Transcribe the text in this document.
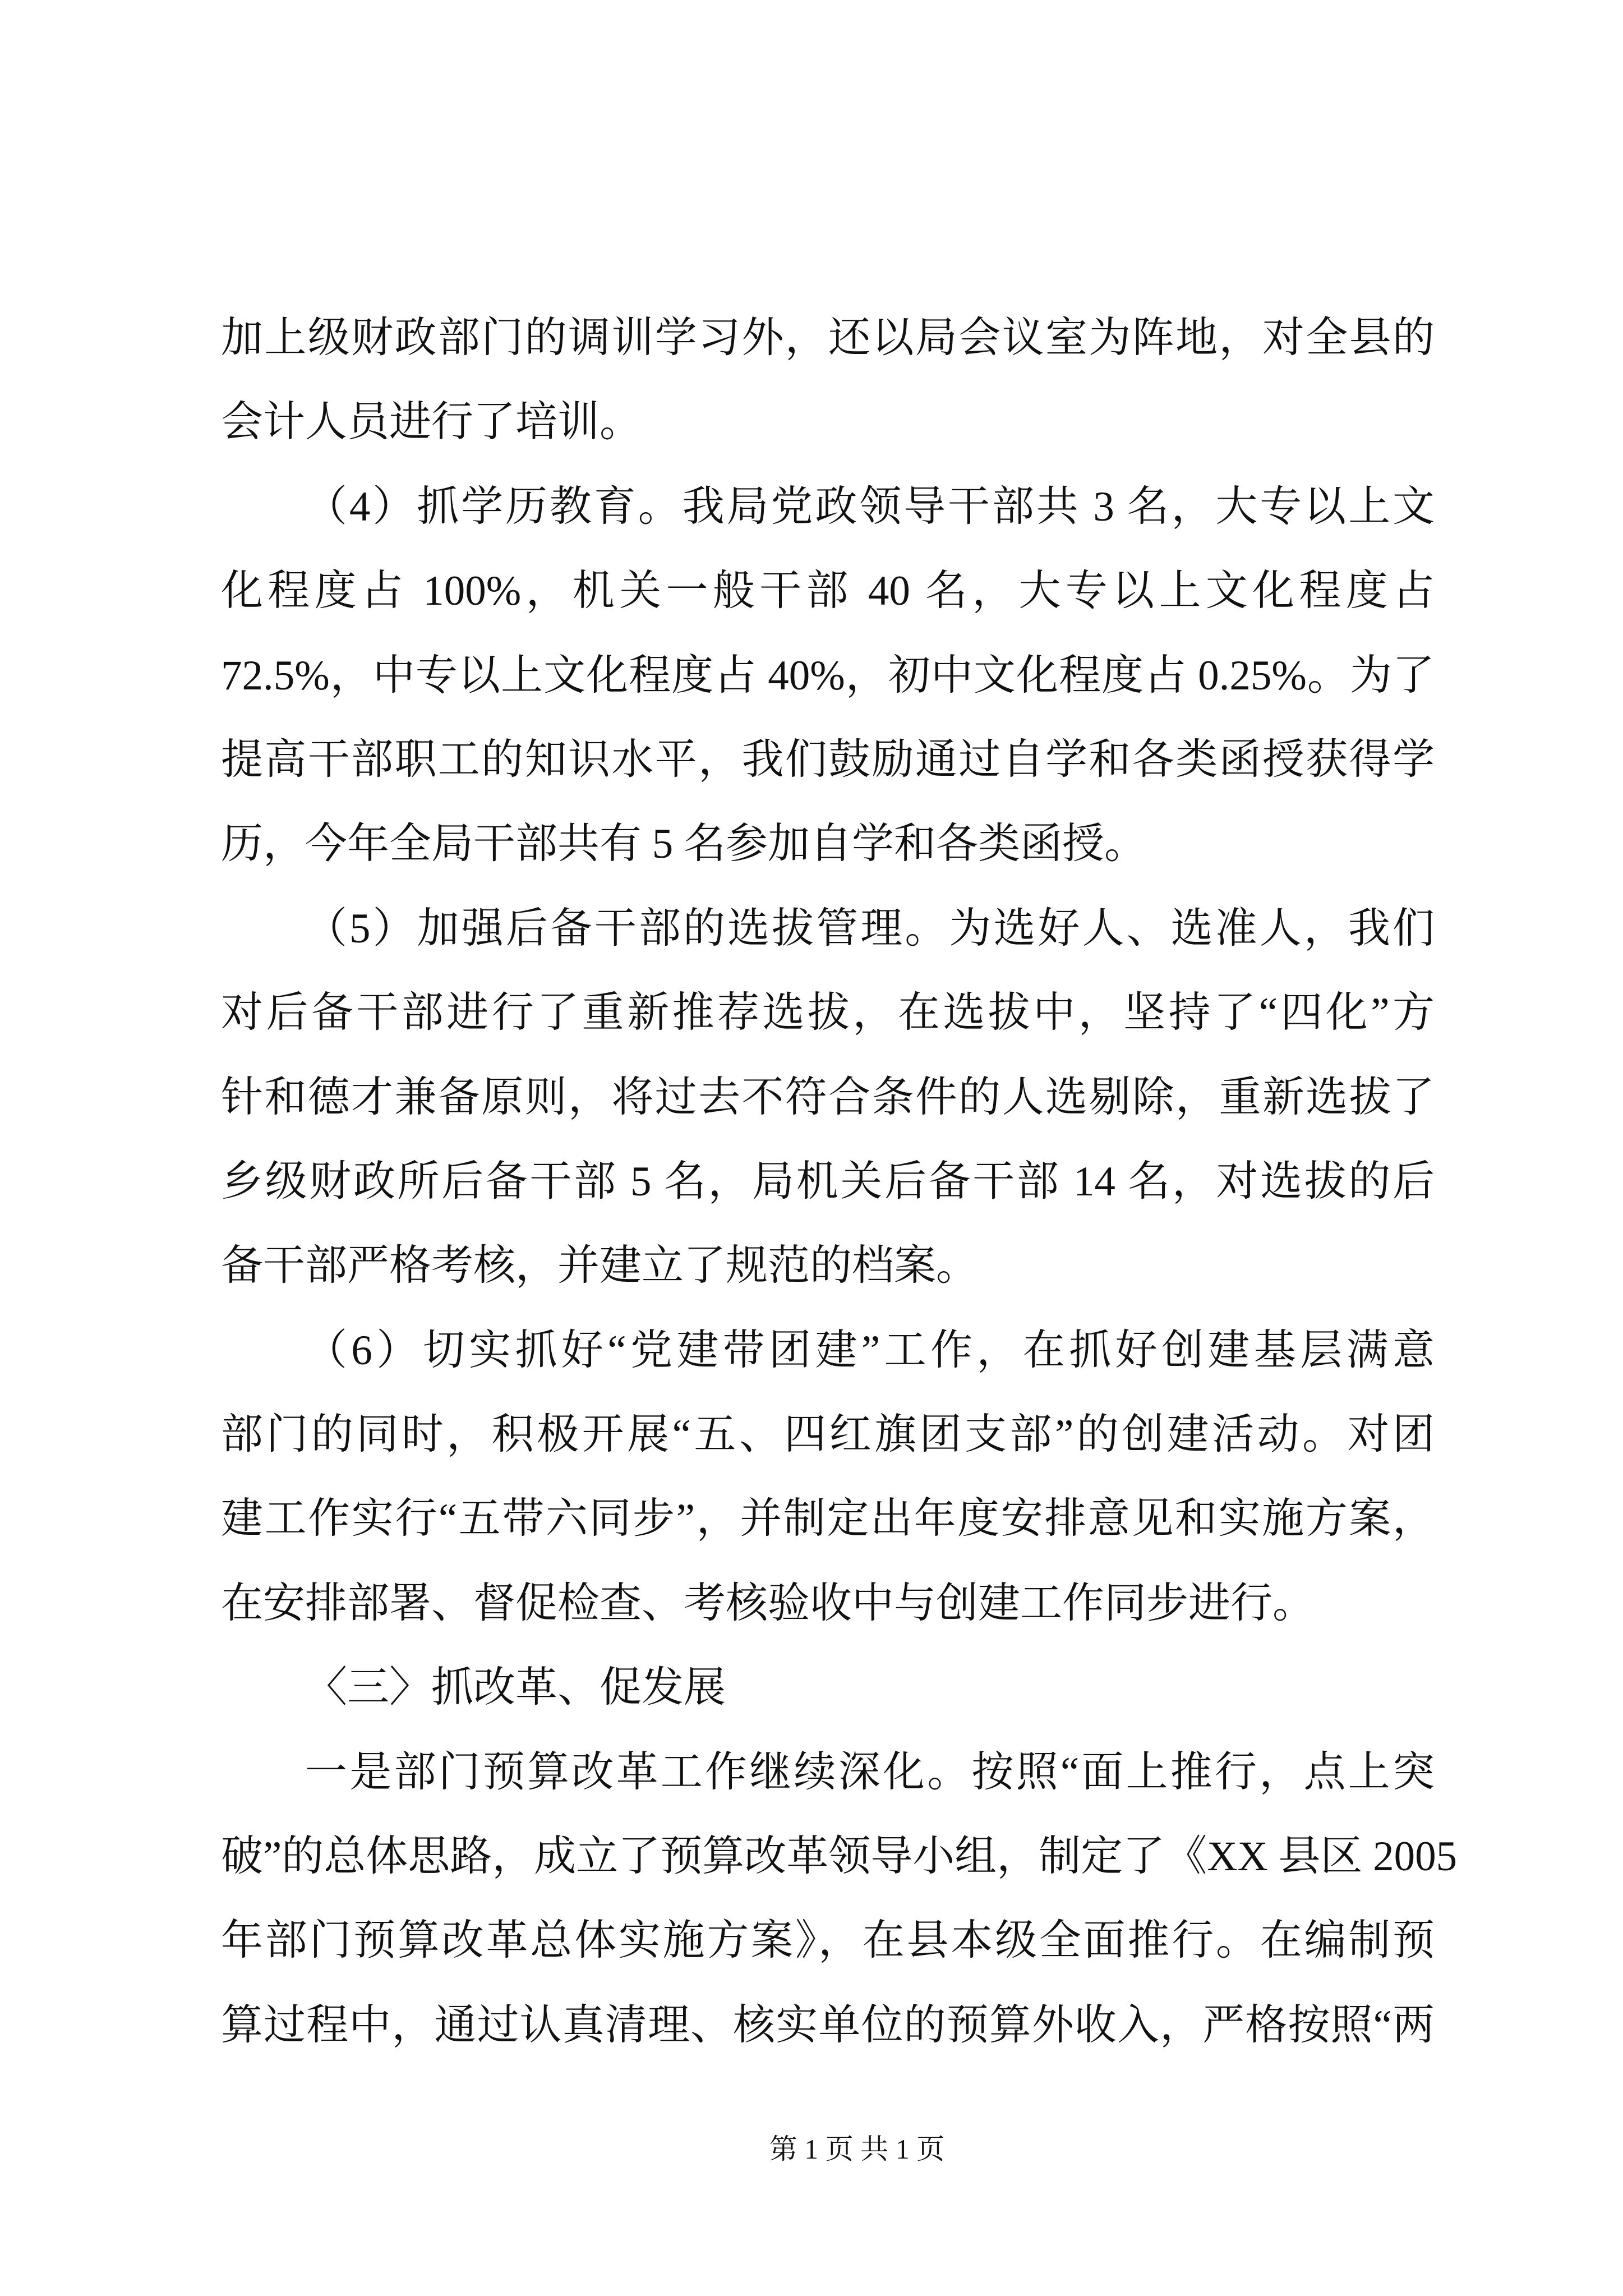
加上级财政部门的调训学习外，还以局会议室为阵地，对全县的
会计人员进行了培训。
（4）抓学历教育。我局党政领导干部共 3 名，大专以上文
化程度占 100%，机关一般干部 40 名，大专以上文化程度占
72.5%，中专以上文化程度占 40%，初中文化程度占 0.25%。为了
提高干部职工的知识水平，我们鼓励通过自学和各类函授获得学
历，今年全局干部共有 5 名参加自学和各类函授。
（5）加强后备干部的选拔管理。为选好人、选准人，我们
对后备干部进行了重新推荐选拔，在选拔中，坚持了“四化”方
针和德才兼备原则，将过去不符合条件的人选剔除，重新选拔了
乡级财政所后备干部 5 名，局机关后备干部 14 名，对选拔的后
备干部严格考核，并建立了规范的档案。
（6）切实抓好“党建带团建”工作，在抓好创建基层满意
部门的同时，积极开展“五、四红旗团支部”的创建活动。对团
建工作实行“五带六同步”，并制定出年度安排意见和实施方案，
在安排部署、督促检查、考核验收中与创建工作同步进行。
〈三〉抓改革、促发展
一是部门预算改革工作继续深化。按照“面上推行，点上突
破”的总体思路，成立了预算改革领导小组，制定了《XX 县区 2005
年部门预算改革总体实施方案》，在县本级全面推行。在编制预
算过程中，通过认真清理、核实单位的预算外收入，严格按照“两
第 1 页 共 1 页
